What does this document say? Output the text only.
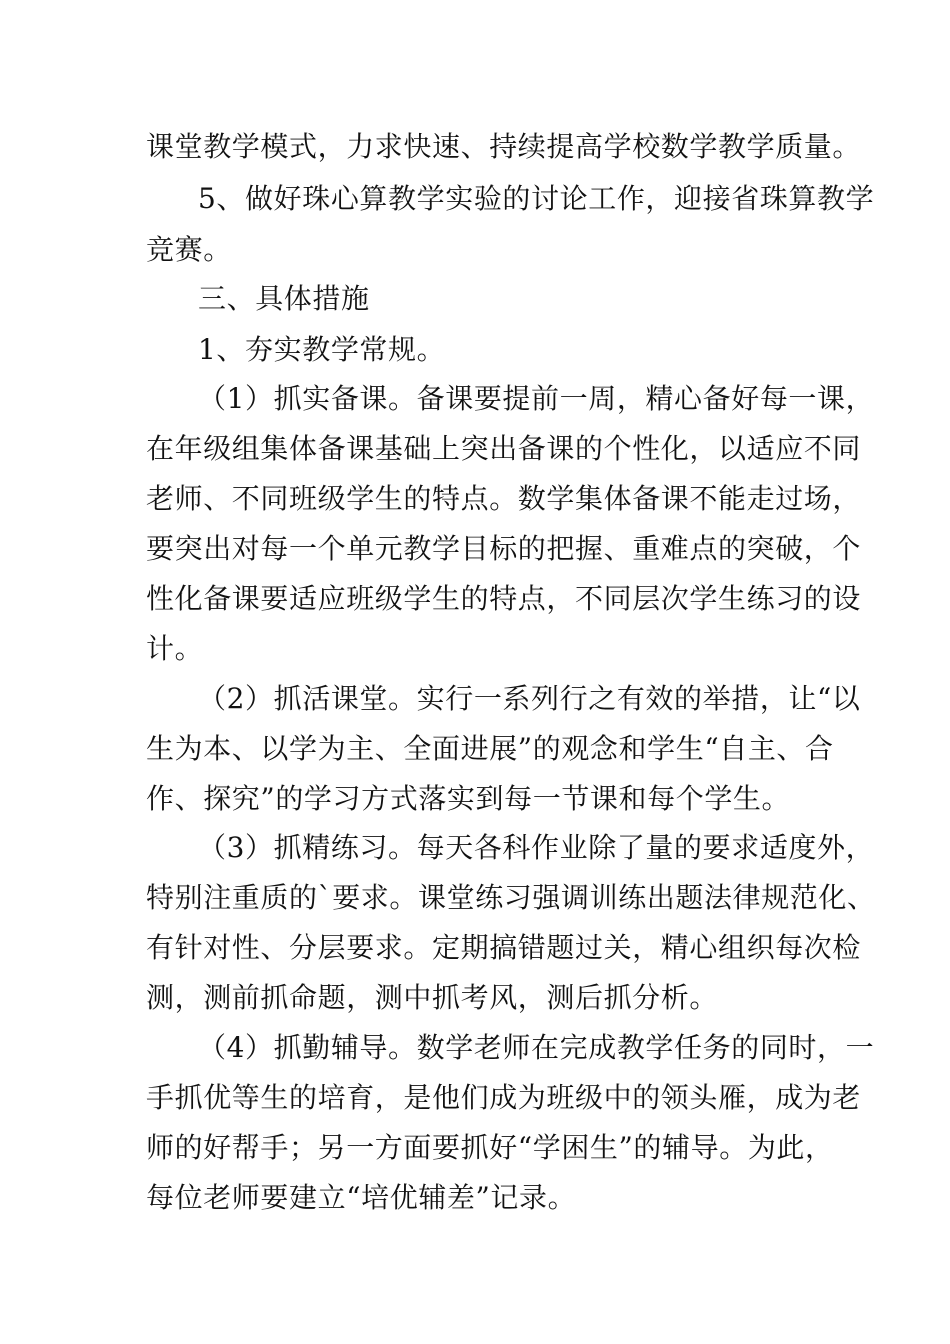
课堂教学模式，力求快速、持续提高学校数学教学质量。
5、做好珠心算教学实验的讨论工作，迎接省珠算教学
竞赛。
三、具体措施
1、夯实教学常规。
（1）抓实备课。备课要提前一周，精心备好每一课，
在年级组集体备课基础上突出备课的个性化，以适应不同
老师、不同班级学生的特点。数学集体备课不能走过场，
要突出对每一个单元教学目标的把握、重难点的突破，个
性化备课要适应班级学生的特点，不同层次学生练习的设
计。
（2）抓活课堂。实行一系列行之有效的举措，让“以
生为本、以学为主、全面进展”的观念和学生“自主、合
作、探究”的学习方式落实到每一节课和每个学生。
（3）抓精练习。每天各科作业除了量的要求适度外，
特别注重质的`要求。课堂练习强调训练出题法律规范化、
有针对性、分层要求。定期搞错题过关，精心组织每次检
测，测前抓命题，测中抓考风，测后抓分析。
（4）抓勤辅导。数学老师在完成教学任务的同时，一
手抓优等生的培育，是他们成为班级中的领头雁，成为老
师的好帮手；另一方面要抓好“学困生”的辅导。为此，
每位老师要建立“培优辅差”记录。
